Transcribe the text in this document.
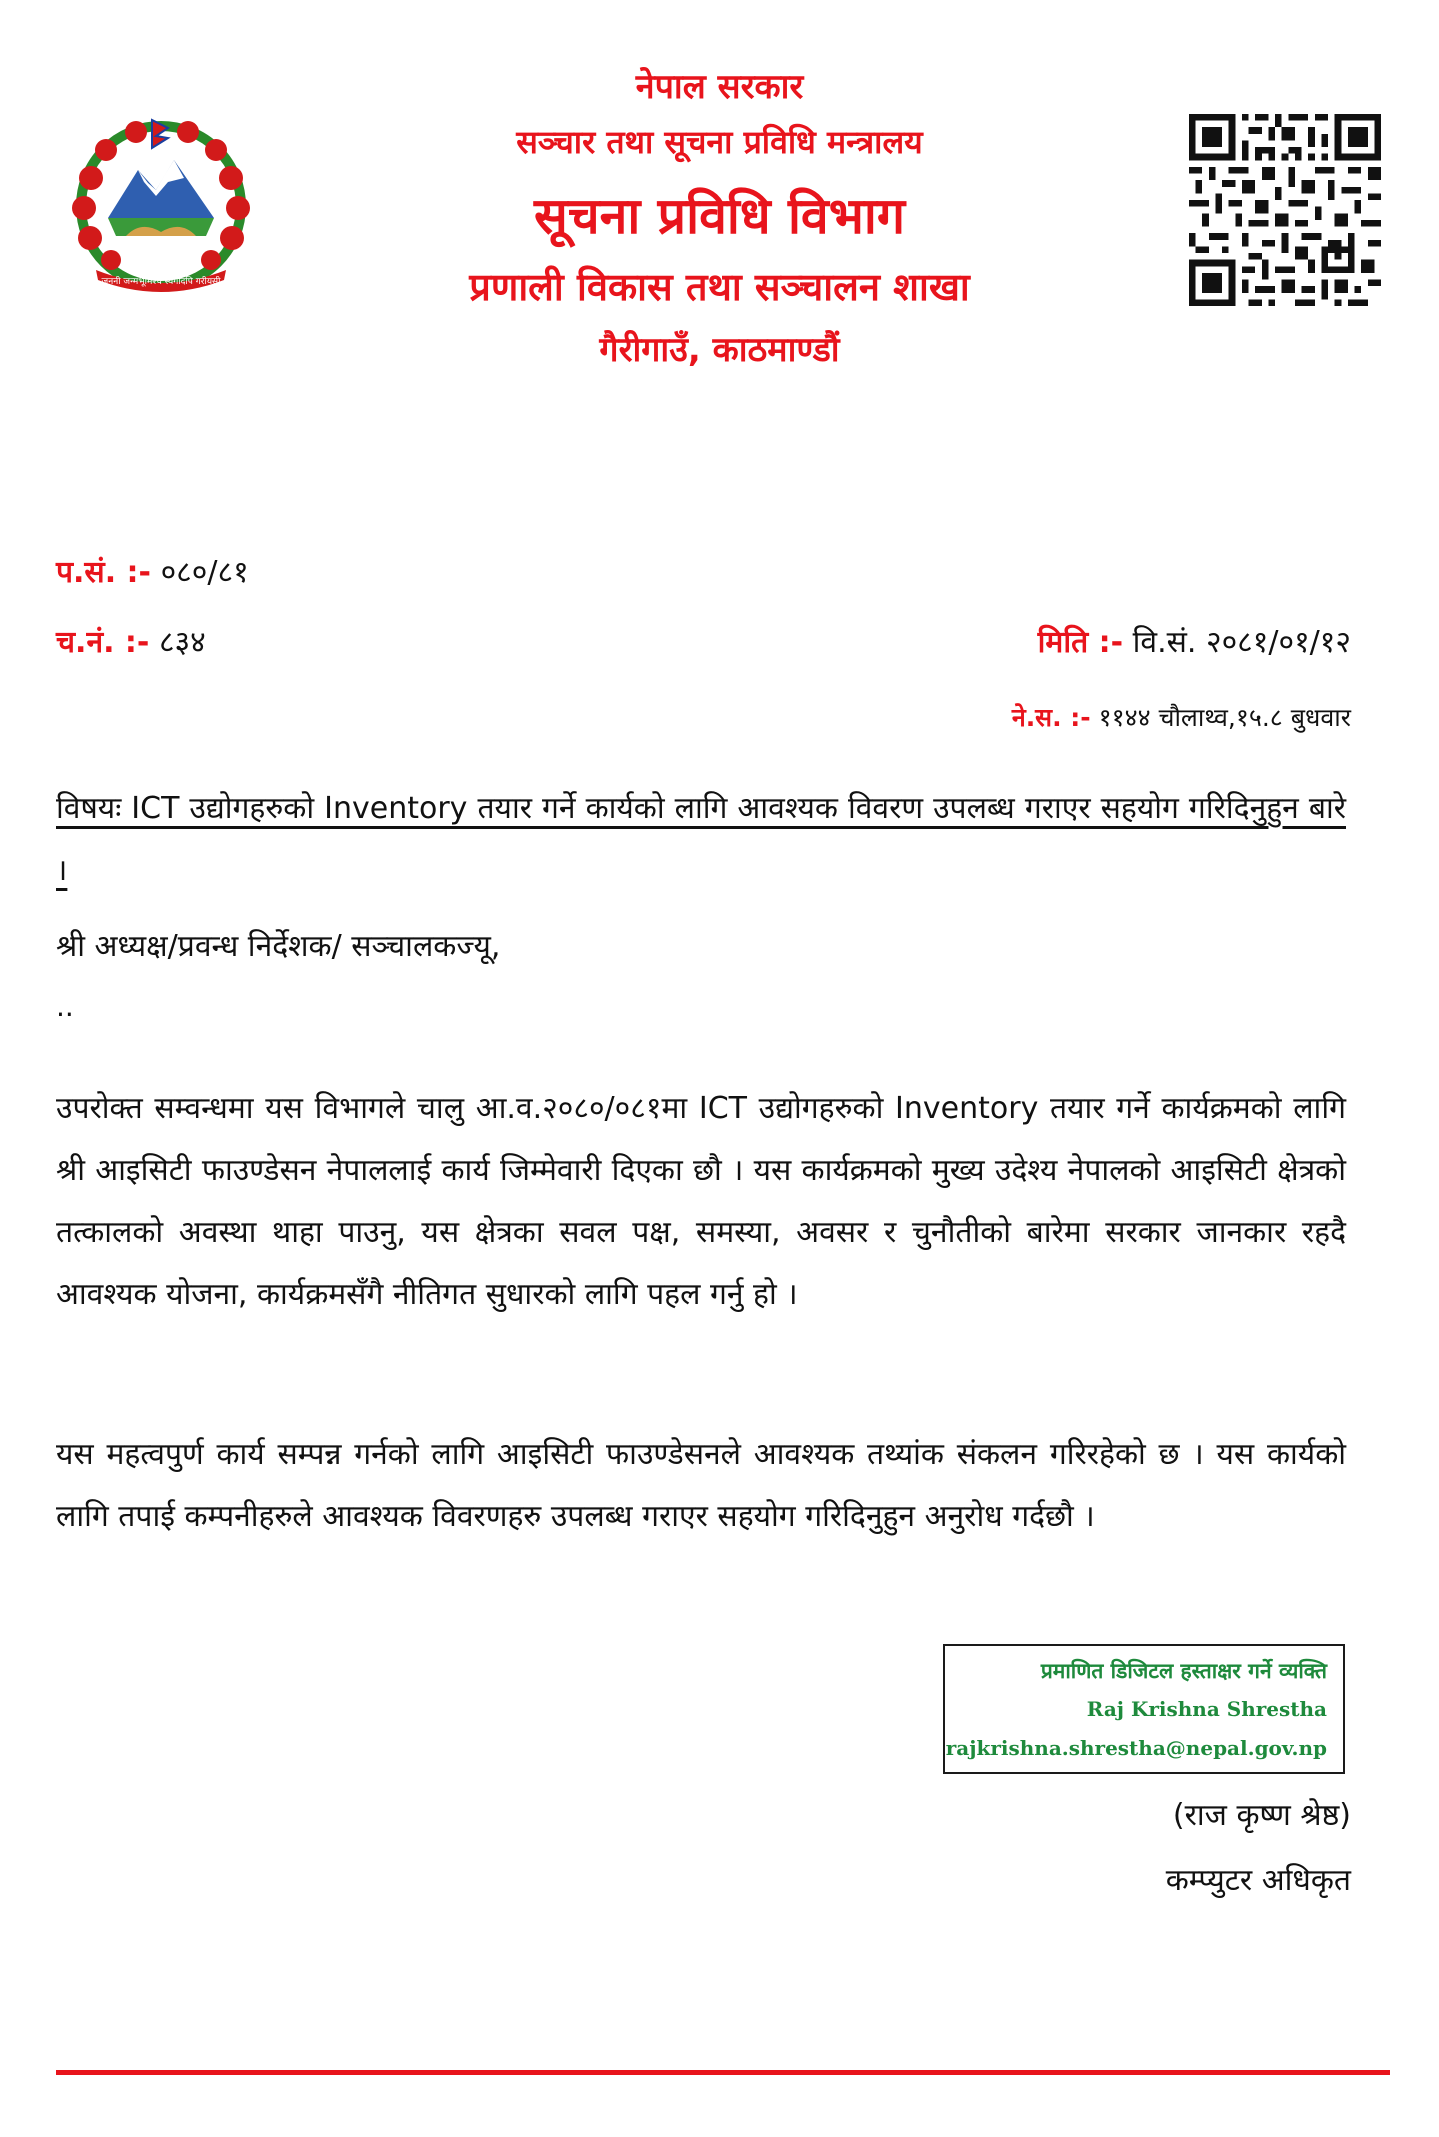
जननी जन्मभूमिश्च स्वर्गादपि गरीयसी
नेपाल सरकार
सञ्चार तथा सूचना प्रविधि मन्त्रालय
सूचना प्रविधि विभाग
प्रणाली विकास तथा सञ्चालन शाखा
गैरीगाउँ, काठमाण्डौं
प.सं. :- ०८०/८१
च.नं. :- ८३४	मिति :- वि.सं. २०८१/०१/१२
ने.स. :- ११४४ चौलाथ्व,१५.८ बुधवार
विषयः ICT उद्योगहरुको Inventory तयार गर्ने कार्यको लागि आवश्यक विवरण उपलब्ध गराएर सहयोग गरिदिनुहुन बारे ।
श्री अध्यक्ष/प्रवन्ध निर्देशक/ सञ्चालकज्यू,
..

उपरोक्त सम्वन्धमा यस विभागले चालु आ.व.२०८०/०८१मा ICT उद्योगहरुको Inventory तयार गर्ने कार्यक्रमको लागि श्री आइसिटी फाउण्डेसन नेपाललाई कार्य जिम्मेवारी दिएका छौ । यस कार्यक्रमको मुख्य उदेश्य नेपालको आइसिटी क्षेत्रको तत्कालको अवस्था थाहा पाउनु, यस क्षेत्रका सवल पक्ष, समस्या, अवसर र चुनौतीको बारेमा सरकार जानकार रहदै आवश्यक योजना, कार्यक्रमसँगै नीतिगत सुधारको लागि पहल गर्नु हो ।

यस महत्वपुर्ण कार्य सम्पन्न गर्नको लागि आइसिटी फाउण्डेसनले आवश्यक तथ्यांक संकलन गरिरहेको छ । यस कार्यको लागि तपाई कम्पनीहरुले आवश्यक विवरणहरु उपलब्ध गराएर सहयोग गरिदिनुहुन अनुरोध गर्दछौ ।

प्रमाणित डिजिटल हस्ताक्षर गर्ने व्यक्ति
Raj Krishna Shrestha
rajkrishna.shrestha@nepal.gov.np
(राज कृष्ण श्रेष्ठ)
कम्प्युटर अधिकृत
